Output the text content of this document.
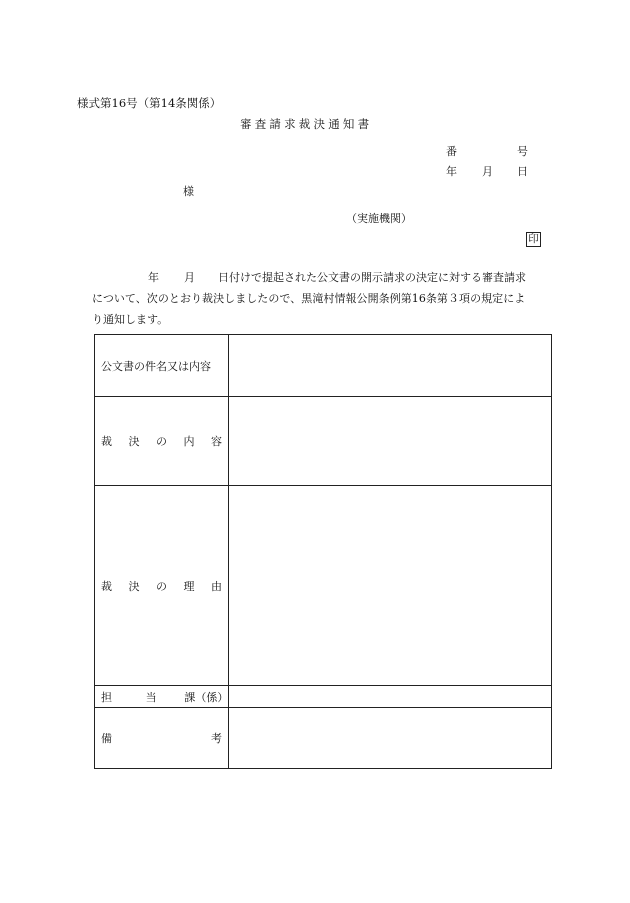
様式第16号（第14条関係）
審査請求裁決通知書
番	号
年 月 日
様
（実施機関）
印
年 月 日付けで提起された公文書の開示請求の決定に対する審査請求
について、次のとおり裁決しましたので、黒滝村情報公開条例第16条第３項の規定によ
り通知します。
公文書の件名又は内容	

裁 決 の 内 容	

裁 決 の 理 由	

担 当 課（係）	

備 考	
